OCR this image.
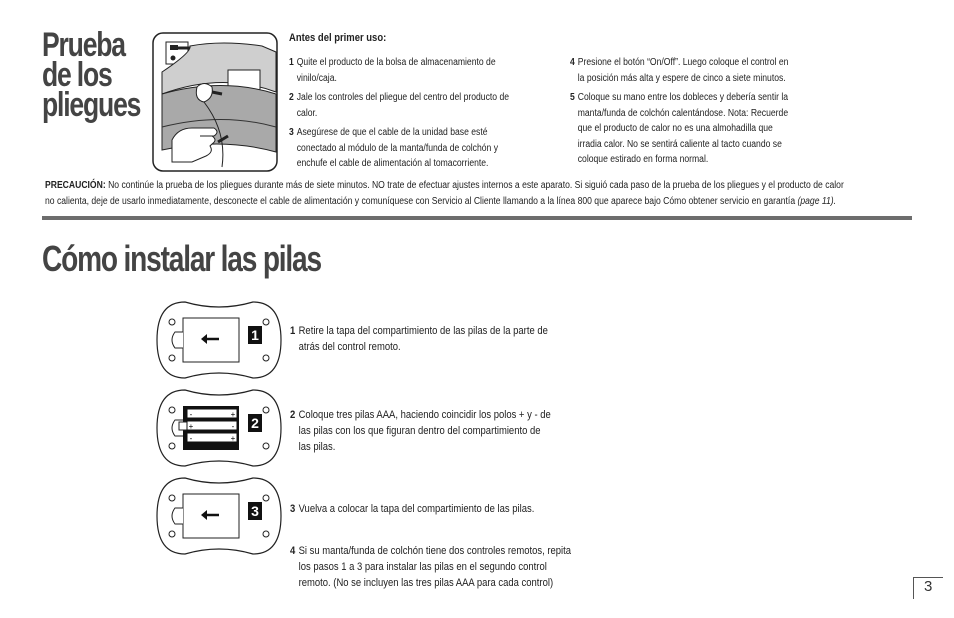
Prueba
de los
pliegues
Antes del primer uso:
1 Quite el producto de la bolsa de almacenamiento de
vinilo/caja.
2 Jale los controles del pliegue del centro del producto de
calor.
3 Asegúrese de que el cable de la unidad base esté
conectado al módulo de la manta/funda de colchón y
enchufe el cable de alimentación al tomacorriente.
4 Presione el botón “On/Off”. Luego coloque el control en
la posición más alta y espere de cinco a siete minutos.
5 Coloque su mano entre los dobleces y debería sentir la
manta/funda de colchón calentándose. Nota: Recuerde
que el producto de calor no es una almohadilla que
irradia calor. No se sentirá caliente al tacto cuando se
coloque estirado en forma normal.
PRECAUCIÓN: No continúe la prueba de los pliegues durante más de siete minutos. NO trate de efectuar ajustes internos a este aparato. Si siguió cada paso de la prueba de los pliegues y el producto de calor
no calienta, deje de usarlo inmediatamente, desconecte el cable de alimentación y comuníquese con Servicio al Cliente llamando a la línea 800 que aparece bajo Cómo obtener servicio en garantía (page 11).
Cómo instalar las pilas
1
+
-
+	-
+
-
2
3
1 Retire la tapa del compartimiento de las pilas de la parte de
atrás del control remoto.
2 Coloque tres pilas AAA, haciendo coincidir los polos + y - de
las pilas con los que figuran dentro del compartimiento de
las pilas.
3 Vuelva a colocar la tapa del compartimiento de las pilas.
4 Si su manta/funda de colchón tiene dos controles remotos, repita
los pasos 1 a 3 para instalar las pilas en el segundo control
remoto. (No se incluyen las tres pilas AAA para cada control)	3
